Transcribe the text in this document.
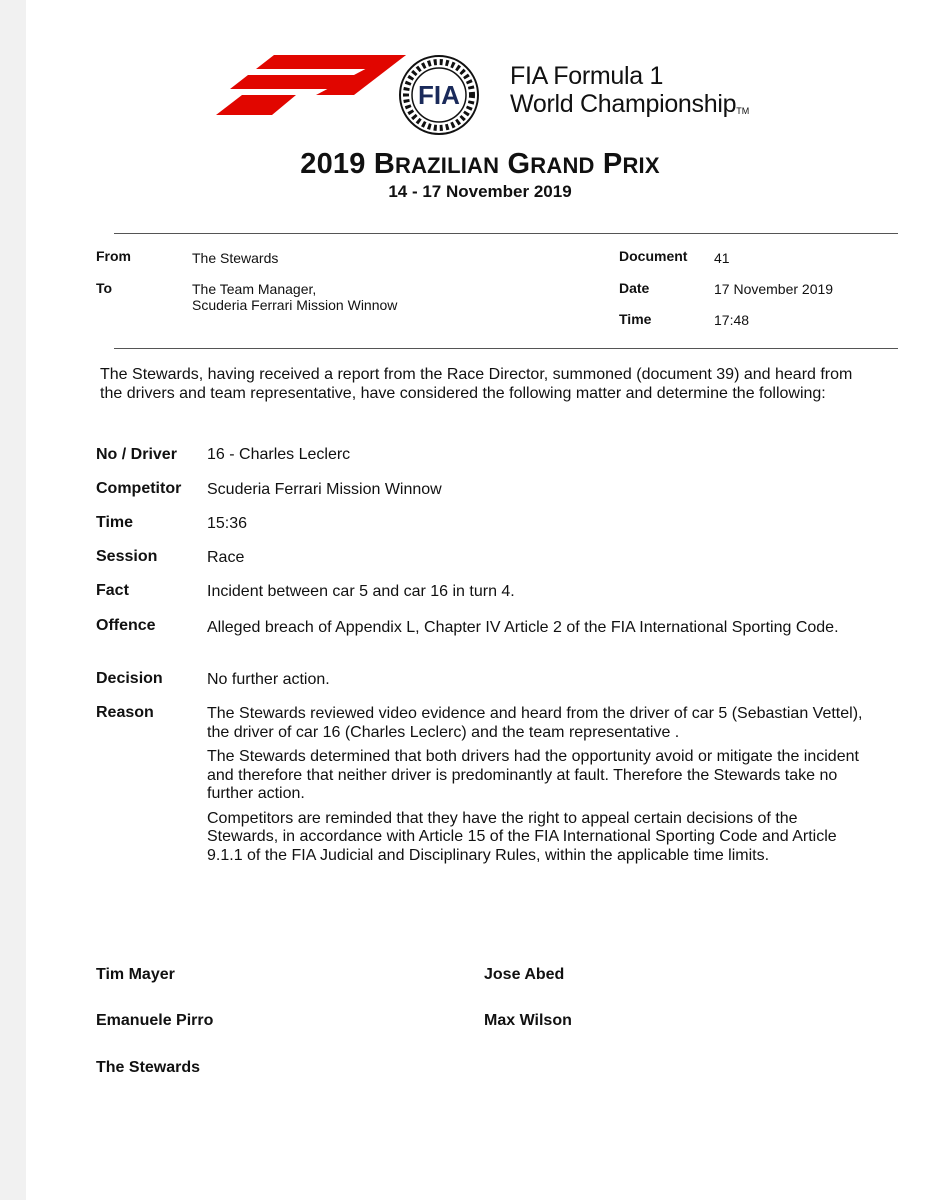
FIA
FIA Formula 1
World ChampionshipTM
2019 BRAZILIAN GRAND PRIX
14 - 17 November 2019
From	The Stewards
To	The Team Manager,
Scuderia Ferrari Mission Winnow
Document 41
Date	17 November 2019
Time	17:48
The Stewards, having received a report from the Race Director, summoned (document 39) and heard from the drivers and team representative, have considered the following matter and determine the following:
No / Driver 16 - Charles Leclerc
Competitor Scuderia Ferrari Mission Winnow
Time	15:36
Session	Race
Fact	Incident between car 5 and car 16 in turn 4.
Offence	Alleged breach of Appendix L, Chapter IV Article 2 of the FIA International Sporting Code.
Decision	No further action.
Reason	The Stewards reviewed video evidence and heard from the driver of car 5 (Sebastian Vettel), the driver of car 16 (Charles Leclerc) and the team representative .

The Stewards determined that both drivers had the opportunity avoid or mitigate the incident and therefore that neither driver is predominantly at fault. Therefore the Stewards take no further action.

Competitors are reminded that they have the right to appeal certain decisions of the Stewards, in accordance with Article 15 of the FIA International Sporting Code and Article 9.1.1 of the FIA Judicial and Disciplinary Rules, within the applicable time limits.

Tim Mayer	Jose Abed
Emanuele Pirro	Max Wilson
The Stewards
